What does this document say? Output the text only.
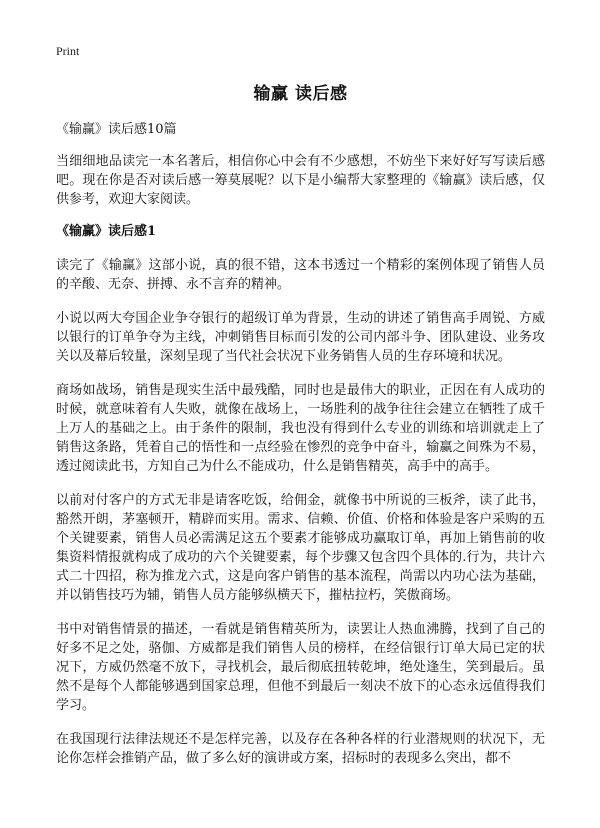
Print
输赢 读后感
《输赢》读后感10篇

当细细地品读完一本名著后，相信你心中会有不少感想，不妨坐下来好好写写读后感吧。现在你是否对读后感一筹莫展呢？以下是小编帮大家整理的《输赢》读后感，仅供参考，欢迎大家阅读。

《输赢》读后感1

读完了《输赢》这部小说，真的很不错，这本书透过一个精彩的案例体现了销售人员的辛酸、无奈、拼搏、永不言弃的精神。

小说以两大夸国企业争夺银行的超级订单为背景，生动的讲述了销售高手周锐、方威以银行的订单争夺为主线，冲刺销售目标而引发的公司内部斗争、团队建设、业务攻关以及幕后较量，深刻呈现了当代社会状况下业务销售人员的生存环境和状况。

商场如战场，销售是现实生活中最残酷，同时也是最伟大的职业，正因在有人成功的时候，就意味着有人失败，就像在战场上，一场胜利的战争往往会建立在牺牲了成千上万人的基础之上。由于条件的限制，我也没有得到什么专业的训练和培训就走上了销售这条路，凭着自己的悟性和一点经验在惨烈的竞争中奋斗，输赢之间殊为不易，透过阅读此书，方知自己为什么不能成功，什么是销售精英，高手中的高手。

以前对付客户的方式无非是请客吃饭，给佣金，就像书中所说的三板斧，读了此书，豁然开朗，茅塞顿开，精辟而实用。需求、信赖、价值、价格和体验是客户采购的五个关键要素，销售人员必需满足这五个要素才能够成功赢取订单，再加上销售前的收集资料情报就构成了成功的六个关键要素，每个步骤又包含四个具体的.行为，共计六式二十四招，称为推龙六式，这是向客户销售的基本流程，尚需以内功心法为基础，并以销售技巧为辅，销售人员方能够纵横天下，摧枯拉朽，笑傲商场。

书中对销售情景的描述，一看就是销售精英所为，读罢让人热血沸腾，找到了自己的好多不足之处，骆伽、方威都是我们销售人员的榜样，在经信银行订单大局已定的状况下，方威仍然毫不放下，寻找机会，最后彻底扭转乾坤，绝处逢生，笑到最后。虽然不是每个人都能够遇到国家总理，但他不到最后一刻决不放下的心态永远值得我们学习。

在我国现行法律法规还不是怎样完善，以及存在各种各样的行业潜规则的状况下，无论你怎样会推销产品，做了多么好的演讲或方案，招标时的表现多么突出，都不
